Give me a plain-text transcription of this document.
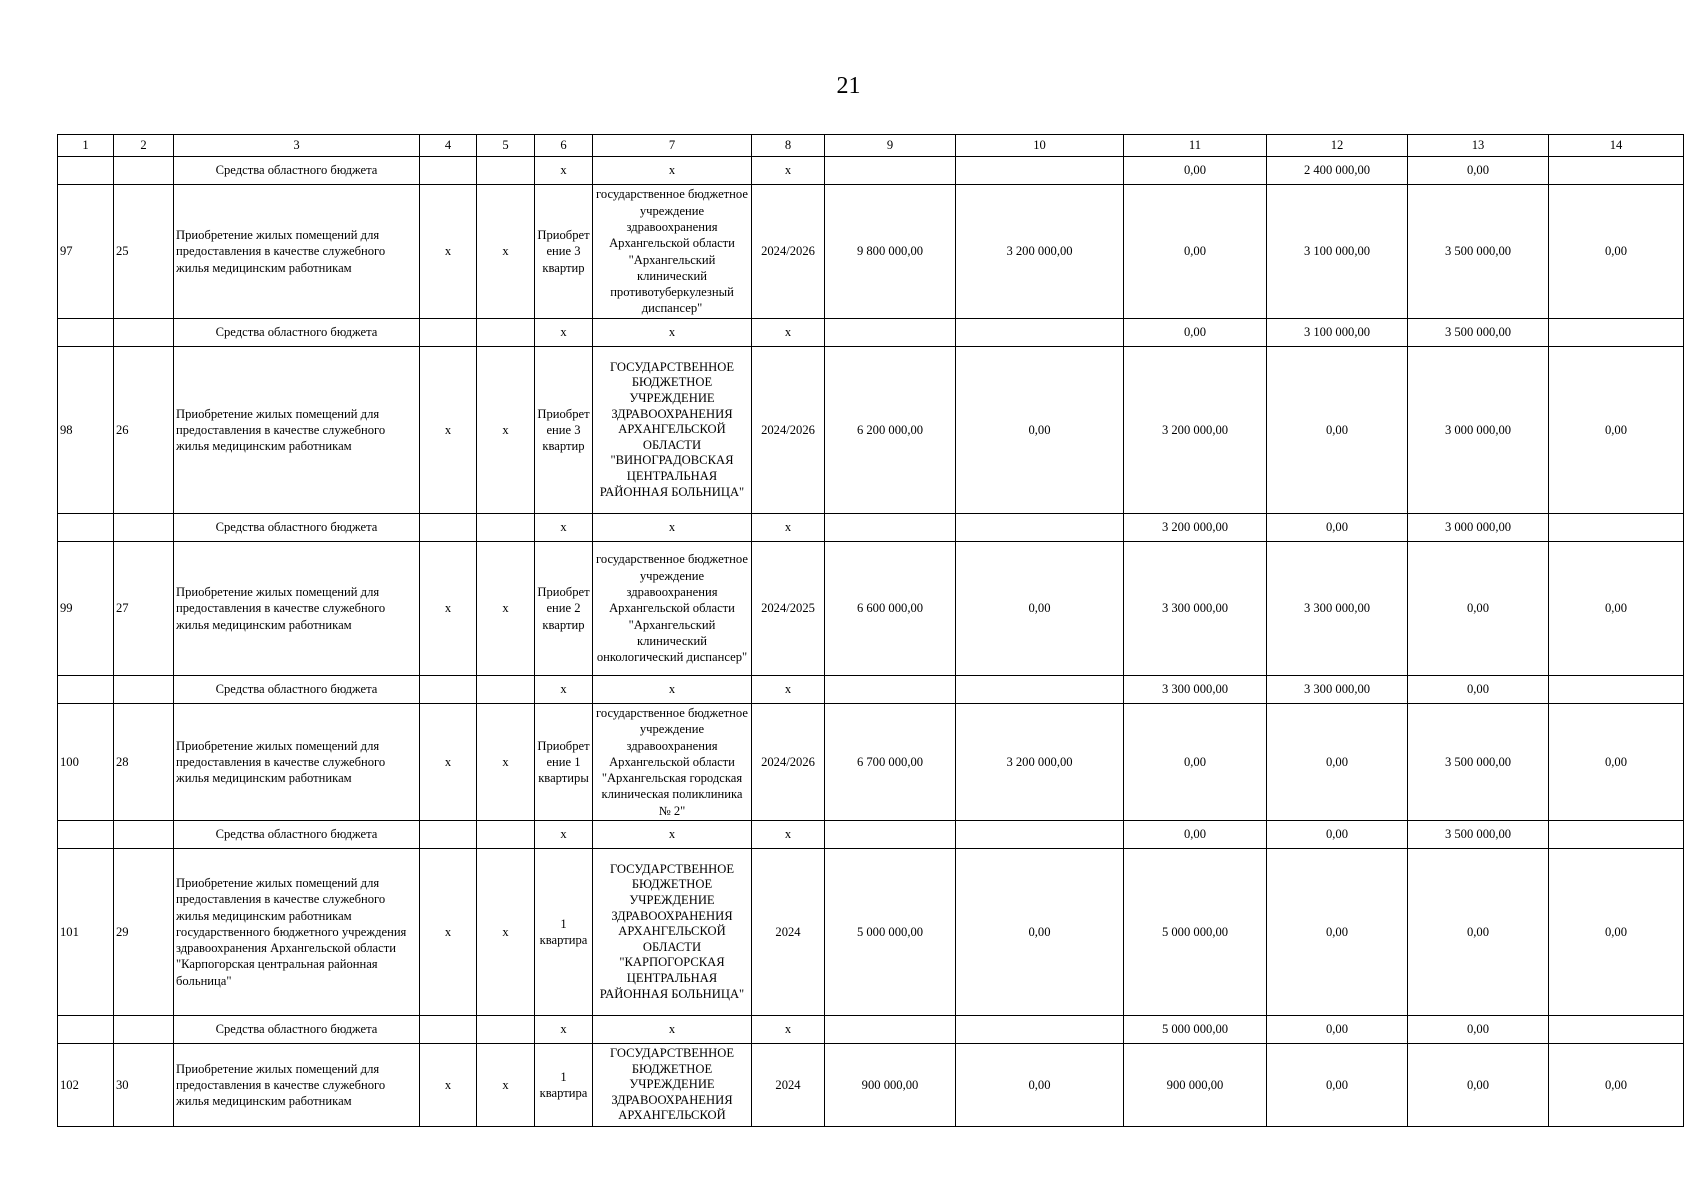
21
1	2	3	4	5	6	7	8	9	10	11	12	13	14
		Средства областного бюджета			х	х	х			0,00	2 400 000,00	0,00	
97	25	Приобретение жилых помещений для предоставления в качестве служебного жилья медицинским работникам	х	х	Приобретение 3 квартир	государственное бюджетное учреждение здравоохранения Архангельской области "Архангельский клинический противотуберкулезный диспансер"	2024/2026	9 800 000,00	3 200 000,00	0,00	3 100 000,00	3 500 000,00	0,00
		Средства областного бюджета			х	х	х			0,00	3 100 000,00	3 500 000,00	
98	26	Приобретение жилых помещений для предоставления в качестве служебного жилья медицинским работникам	х	х	Приобретение 3 квартир	ГОСУДАРСТВЕННОЕ БЮДЖЕТНОЕ УЧРЕЖДЕНИЕ ЗДРАВООХРАНЕНИЯ АРХАНГЕЛЬСКОЙ ОБЛАСТИ "ВИНОГРАДОВСКАЯ ЦЕНТРАЛЬНАЯ РАЙОННАЯ БОЛЬНИЦА"	2024/2026	6 200 000,00	0,00	3 200 000,00	0,00	3 000 000,00	0,00
		Средства областного бюджета			х	х	х			3 200 000,00	0,00	3 000 000,00	
99	27	Приобретение жилых помещений для предоставления в качестве служебного жилья медицинским работникам	х	х	Приобретение 2 квартир	государственное бюджетное учреждение здравоохранения Архангельской области "Архангельский клинический онкологический диспансер"	2024/2025	6 600 000,00	0,00	3 300 000,00	3 300 000,00	0,00	0,00
		Средства областного бюджета			х	х	х			3 300 000,00	3 300 000,00	0,00	
100	28	Приобретение жилых помещений для предоставления в качестве служебного жилья медицинским работникам	х	х	Приобретение 1 квартиры	государственное бюджетное учреждение здравоохранения Архангельской области "Архангельская городская клиническая поликлиника № 2"	2024/2026	6 700 000,00	3 200 000,00	0,00	0,00	3 500 000,00	0,00
		Средства областного бюджета			х	х	х			0,00	0,00	3 500 000,00	
101	29	Приобретение жилых помещений для предоставления в качестве служебного жилья медицинским работникам государственного бюджетного учреждения здравоохранения Архангельской области "Карпогорская центральная районная больница"	х	х	1 квартира	ГОСУДАРСТВЕННОЕ БЮДЖЕТНОЕ УЧРЕЖДЕНИЕ ЗДРАВООХРАНЕНИЯ АРХАНГЕЛЬСКОЙ ОБЛАСТИ "КАРПОГОРСКАЯ ЦЕНТРАЛЬНАЯ РАЙОННАЯ БОЛЬНИЦА"	2024	5 000 000,00	0,00	5 000 000,00	0,00	0,00	0,00
		Средства областного бюджета			х	х	х			5 000 000,00	0,00	0,00	
102	30	Приобретение жилых помещений для предоставления в качестве служебного жилья медицинским работникам	х	х	1 квартира	ГОСУДАРСТВЕННОЕ БЮДЖЕТНОЕ УЧРЕЖДЕНИЕ ЗДРАВООХРАНЕНИЯ АРХАНГЕЛЬСКОЙ	2024	900 000,00	0,00	900 000,00	0,00	0,00	0,00
